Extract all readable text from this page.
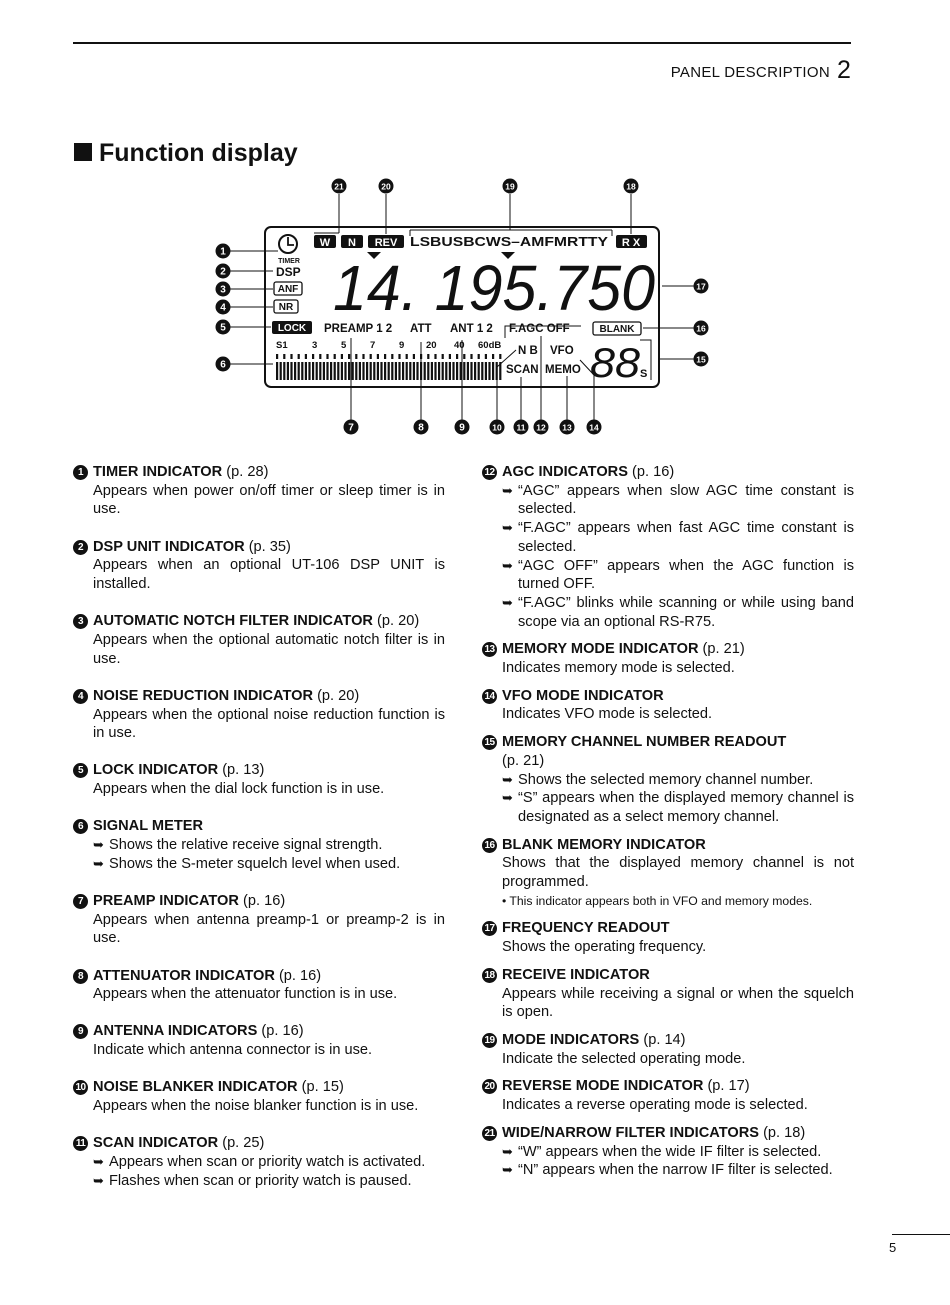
PANEL DESCRIPTION 2
Function display
W N REV LSBUSBCWS–AMFMRTTY R X
TIMER
DSP
ANF
NR
LOCK
14. 195.750
PREAMP 1 2 ATT ANT 1 2 F.AGC OFF	BLANK
S1	3 5 7 9 20 40 60dB N B VFO
SCAN MEMO 88 S
1
2
3
4
5
6
7	8	9	10 11 12 13 14
15
16
17
18
19
20
21
1 TIMER INDICATOR (p. 28)
Appears when power on/off timer or sleep timer is in use.
2 DSP UNIT INDICATOR (p. 35)
Appears when an optional UT-106 DSP UNIT is installed.
3 AUTOMATIC NOTCH FILTER INDICATOR (p. 20)
Appears when the optional automatic notch filter is in use.
4 NOISE REDUCTION INDICATOR (p. 20)
Appears when the optional noise reduction function is in use.
5 LOCK INDICATOR (p. 13)
Appears when the dial lock function is in use.
6 SIGNAL METER
➥ Shows the relative receive signal strength.
➥ Shows the S-meter squelch level when used.
7 PREAMP INDICATOR (p. 16)
Appears when antenna preamp-1 or preamp-2 is in use.
8 ATTENUATOR INDICATOR (p. 16)
Appears when the attenuator function is in use.
9 ANTENNA INDICATORS (p. 16)
Indicate which antenna connector is in use.
10 NOISE BLANKER INDICATOR (p. 15)
Appears when the noise blanker function is in use.
11 SCAN INDICATOR (p. 25)
➥ Appears when scan or priority watch is activated.
➥ Flashes when scan or priority watch is paused.
12 AGC INDICATORS (p. 16)
➥ “AGC” appears when slow AGC time constant is selected.
➥ “F.AGC” appears when fast AGC time constant is selected.
➥ “AGC OFF” appears when the AGC function is turned OFF.
➥ “F.AGC” blinks while scanning or while using band scope via an optional RS-R75.
13 MEMORY MODE INDICATOR (p. 21)
Indicates memory mode is selected.
14 VFO MODE INDICATOR
Indicates VFO mode is selected.
15 MEMORY CHANNEL NUMBER READOUT
(p. 21)
➥ Shows the selected memory channel number.
➥ “S” appears when the displayed memory channel is designated as a select memory channel.
16 BLANK MEMORY INDICATOR
Shows that the displayed memory channel is not programmed.
• This indicator appears both in VFO and memory modes.
17 FREQUENCY READOUT
Shows the operating frequency.
18 RECEIVE INDICATOR
Appears while receiving a signal or when the squelch is open.
19 MODE INDICATORS (p. 14)
Indicate the selected operating mode.
20 REVERSE MODE INDICATOR (p. 17)
Indicates a reverse operating mode is selected.
21 WIDE/NARROW FILTER INDICATORS (p. 18)
➥ “W” appears when the wide IF filter is selected.
➥ “N” appears when the narrow IF filter is selected.
5
